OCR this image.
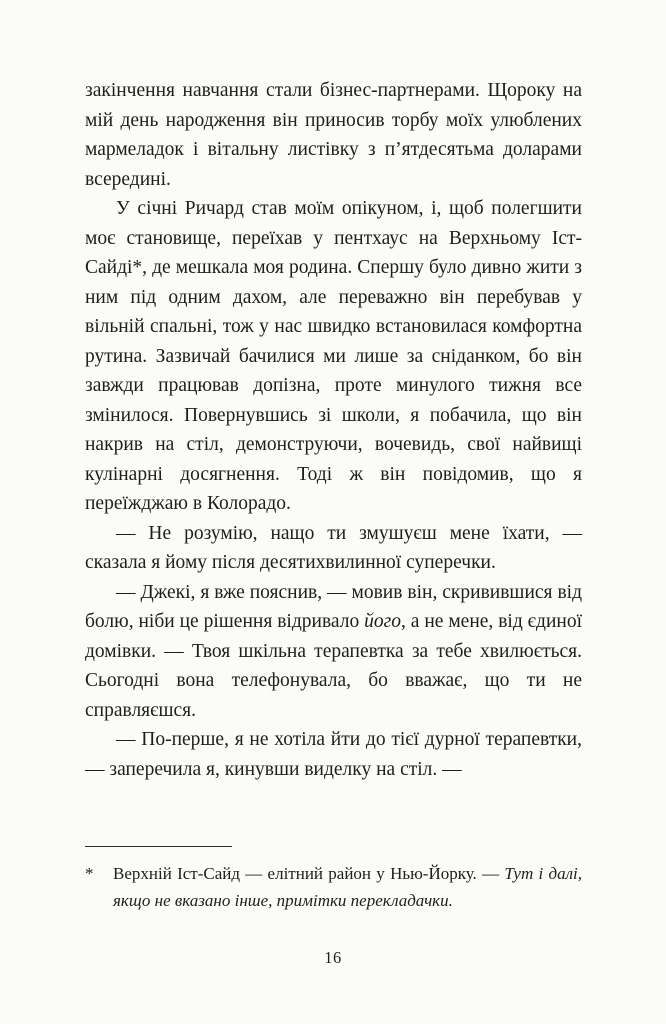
закінчення навчання стали бізнес-партнерами. Щороку на мій день народження він приносив торбу моїх улюблених мармеладок і вітальну листівку з п’ятдесятьма доларами всередині.

У січні Ричард став моїм опікуном, і, щоб полегшити моє становище, переїхав у пентхаус на Верхньому Іст-Сайді*, де мешкала моя родина. Спершу було дивно жити з ним під одним дахом, але переважно він перебував у вільній спальні, тож у нас швидко встановилася комфортна рутина. Зазвичай бачилися ми лише за сніданком, бо він завжди працював допізна, проте минулого тижня все змінилося. Повернувшись зі школи, я побачила, що він накрив на стіл, демонструючи, вочевидь, свої найвищі кулінарні досягнення. Тоді ж він повідомив, що я переїжджаю в Колорадо.

— Не розумію, нащо ти змушуєш мене їхати, — сказала я йому після десятихвилинної суперечки.

— Джекі, я вже пояснив, — мовив він, скривившися від болю, ніби це рішення відривало його, а не мене, від єдиної домівки. — Твоя шкільна терапевтка за тебе хвилюється. Сьогодні вона телефонувала, бо вважає, що ти не справляєшся.

— По-перше, я не хотіла йти до тієї дурної терапевтки, — заперечила я, кинувши виделку на стіл. —

*	Верхній Іст-Сайд — елітний район у Нью-Йорку. — Тут і далі, якщо не вказано інше, примітки перекладачки.
16
